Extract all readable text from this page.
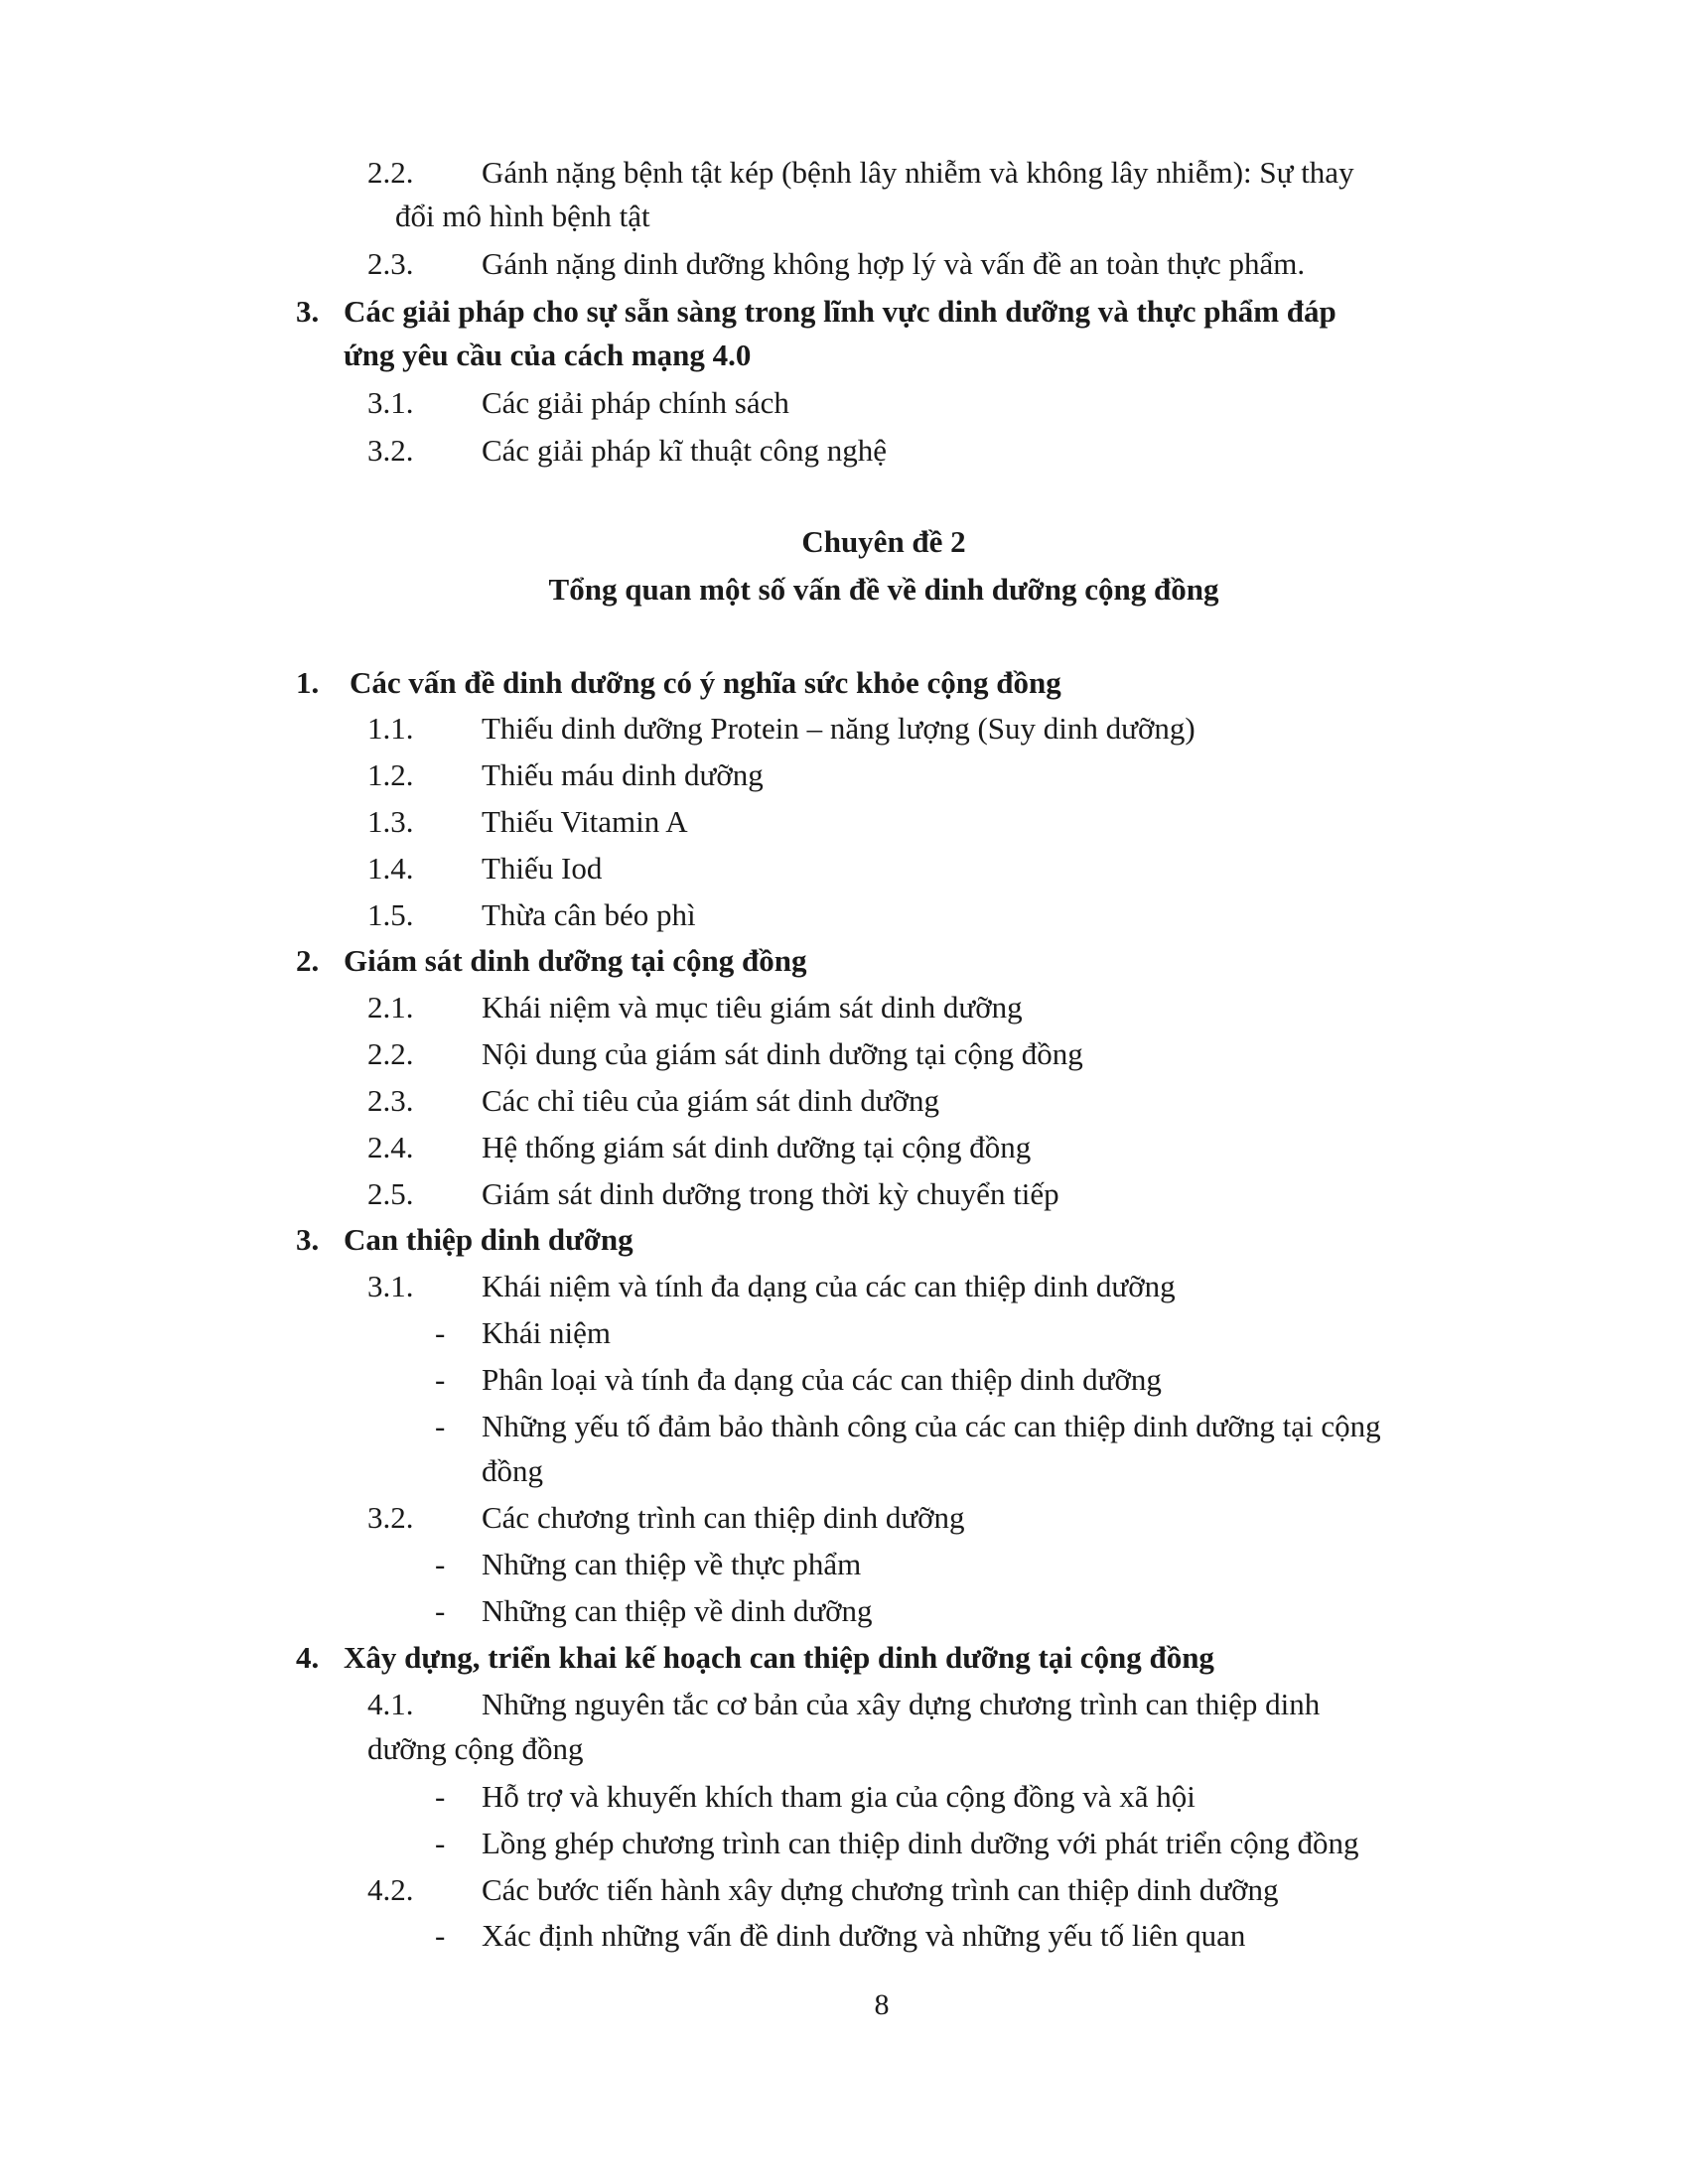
2.2. Gánh nặng bệnh tật kép (bệnh lây nhiễm và không lây nhiễm): Sự thay
đổi mô hình bệnh tật
2.3. Gánh nặng dinh dưỡng không hợp lý và vấn đề an toàn thực phẩm.
3. Các giải pháp cho sự sẵn sàng trong lĩnh vực dinh dưỡng và thực phẩm đáp
ứng yêu cầu của cách mạng 4.0
3.1. Các giải pháp chính sách
3.2. Các giải pháp kĩ thuật công nghệ
Chuyên đề 2
Tổng quan một số vấn đề về dinh dưỡng cộng đồng
1. Các vấn đề dinh dưỡng có ý nghĩa sức khỏe cộng đồng
1.1. Thiếu dinh dưỡng Protein – năng lượng (Suy dinh dưỡng)
1.2. Thiếu máu dinh dưỡng
1.3. Thiếu Vitamin A
1.4. Thiếu Iod
1.5. Thừa cân béo phì
2. Giám sát dinh dưỡng tại cộng đồng
2.1. Khái niệm và mục tiêu giám sát dinh dưỡng
2.2. Nội dung của giám sát dinh dưỡng tại cộng đồng
2.3. Các chỉ tiêu của giám sát dinh dưỡng
2.4. Hệ thống giám sát dinh dưỡng tại cộng đồng
2.5. Giám sát dinh dưỡng trong thời kỳ chuyển tiếp
3. Can thiệp dinh dưỡng
3.1. Khái niệm và tính đa dạng của các can thiệp dinh dưỡng
- Khái niệm
- Phân loại và tính đa dạng của các can thiệp dinh dưỡng
- Những yếu tố đảm bảo thành công của các can thiệp dinh dưỡng tại cộng
đồng
3.2. Các chương trình can thiệp dinh dưỡng
- Những can thiệp về thực phẩm
- Những can thiệp về dinh dưỡng
4. Xây dựng, triển khai kế hoạch can thiệp dinh dưỡng tại cộng đồng
4.1. Những nguyên tắc cơ bản của xây dựng chương trình can thiệp dinh
dưỡng cộng đồng
- Hỗ trợ và khuyến khích tham gia của cộng đồng và xã hội
- Lồng ghép chương trình can thiệp dinh dưỡng với phát triển cộng đồng
4.2. Các bước tiến hành xây dựng chương trình can thiệp dinh dưỡng
- Xác định những vấn đề dinh dưỡng và những yếu tố liên quan
8
